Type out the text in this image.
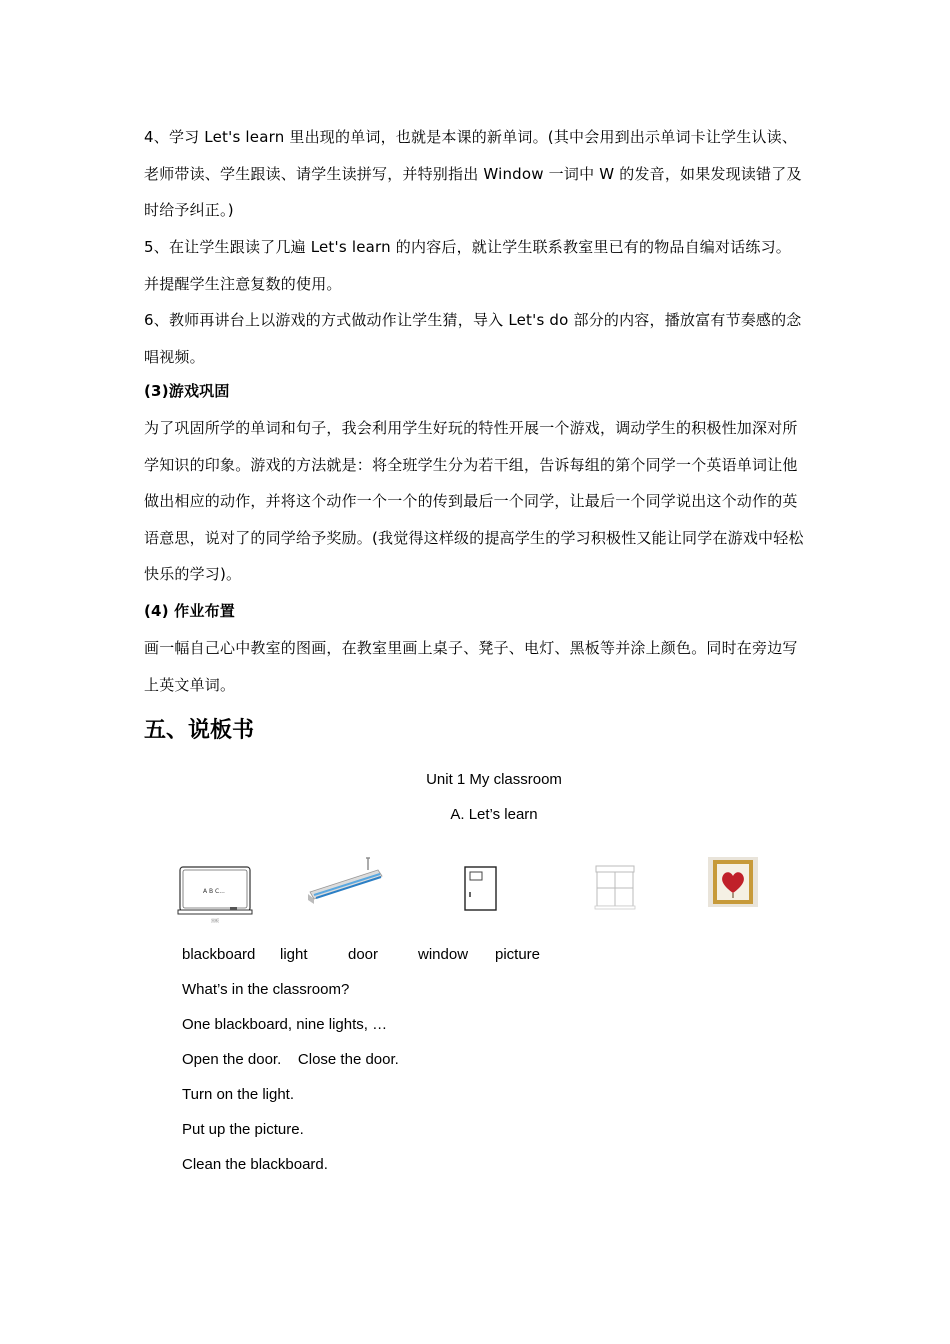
4、学习 Let's learn 里出现的单词，也就是本课的新单词。(其中会用到出示单词卡让学生认读、老师带读、学生跟读、请学生读拼写，并特别指出 Window 一词中 W 的发音，如果发现读错了及时给予纠正。)
5、在让学生跟读了几遍 Let's learn 的内容后，就让学生联系教室里已有的物品自编对话练习。并提醒学生注意复数的使用。
6、教师再讲台上以游戏的方式做动作让学生猜，导入 Let's do 部分的内容，播放富有节奏感的念唱视频。
(3)游戏巩固
为了巩固所学的单词和句子，我会利用学生好玩的特性开展一个游戏，调动学生的积极性加深对所学知识的印象。游戏的方法就是：将全班学生分为若干组，告诉每组的第个同学一个英语单词让他做出相应的动作，并将这个动作一个一个的传到最后一个同学，让最后一个同学说出这个动作的英语意思，说对了的同学给予奖励。(我觉得这样级的提高学生的学习积极性又能让同学在游戏中轻松快乐的学习)。
(4) 作业布置
画一幅自己心中教室的图画，在教室里画上桌子、凳子、电灯、黑板等并涂上颜色。同时在旁边写上英文单词。
五、说板书
Unit 1 My classroom
A. Let’s learn
A B C...
黑板
blackboard light	door	window picture
What’s in the classroom?
One blackboard, nine lights, …
Open the door.    Close the door.
Turn on the light.
Put up the picture.
Clean the blackboard.
